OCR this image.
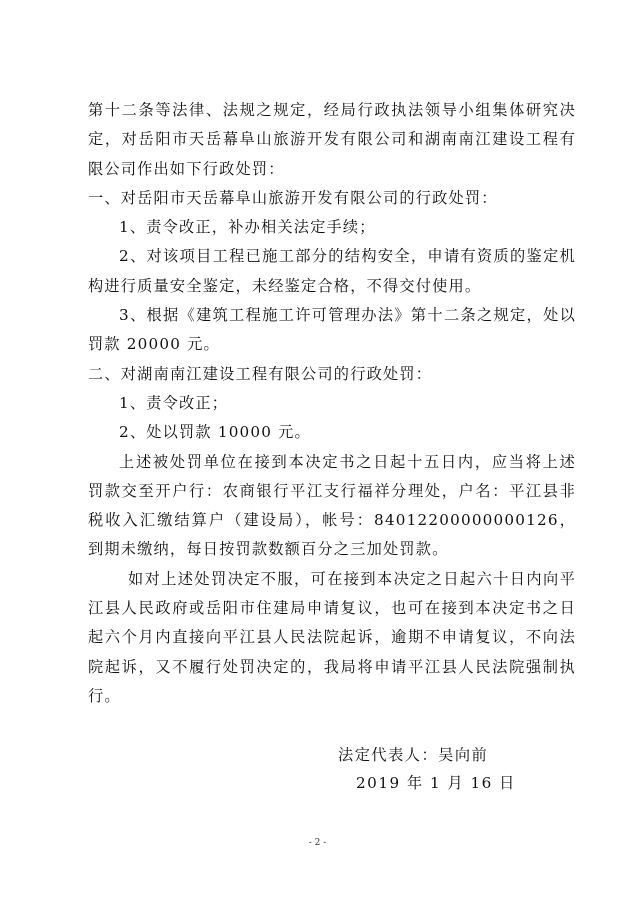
第十二条等法律、法规之规定，经局行政执法领导小组集体研究决定，对岳阳市天岳幕阜山旅游开发有限公司和湖南南江建设工程有限公司作出如下行政处罚：

一、对岳阳市天岳幕阜山旅游开发有限公司的行政处罚：

1、责令改正，补办相关法定手续；

2、对该项目工程已施工部分的结构安全，申请有资质的鉴定机构进行质量安全鉴定，未经鉴定合格，不得交付使用。

3、根据《建筑工程施工许可管理办法》第十二条之规定，处以罚款 20000 元。

二、对湖南南江建设工程有限公司的行政处罚：

1、责令改正；

2、处以罚款 10000 元。

上述被处罚单位在接到本决定书之日起十五日内，应当将上述罚款交至开户行：农商银行平江支行福祥分理处，户名：平江县非税收入汇缴结算户（建设局），帐号：84012200000000126，到期未缴纳，每日按罚款数额百分之三加处罚款。

如对上述处罚决定不服，可在接到本决定之日起六十日内向平江县人民政府或岳阳市住建局申请复议，也可在接到本决定书之日起六个月内直接向平江县人民法院起诉，逾期不申请复议，不向法院起诉，又不履行处罚决定的，我局将申请平江县人民法院强制执行。

法定代表人：吴向前
2019 年 1 月 16 日
- 2 -
